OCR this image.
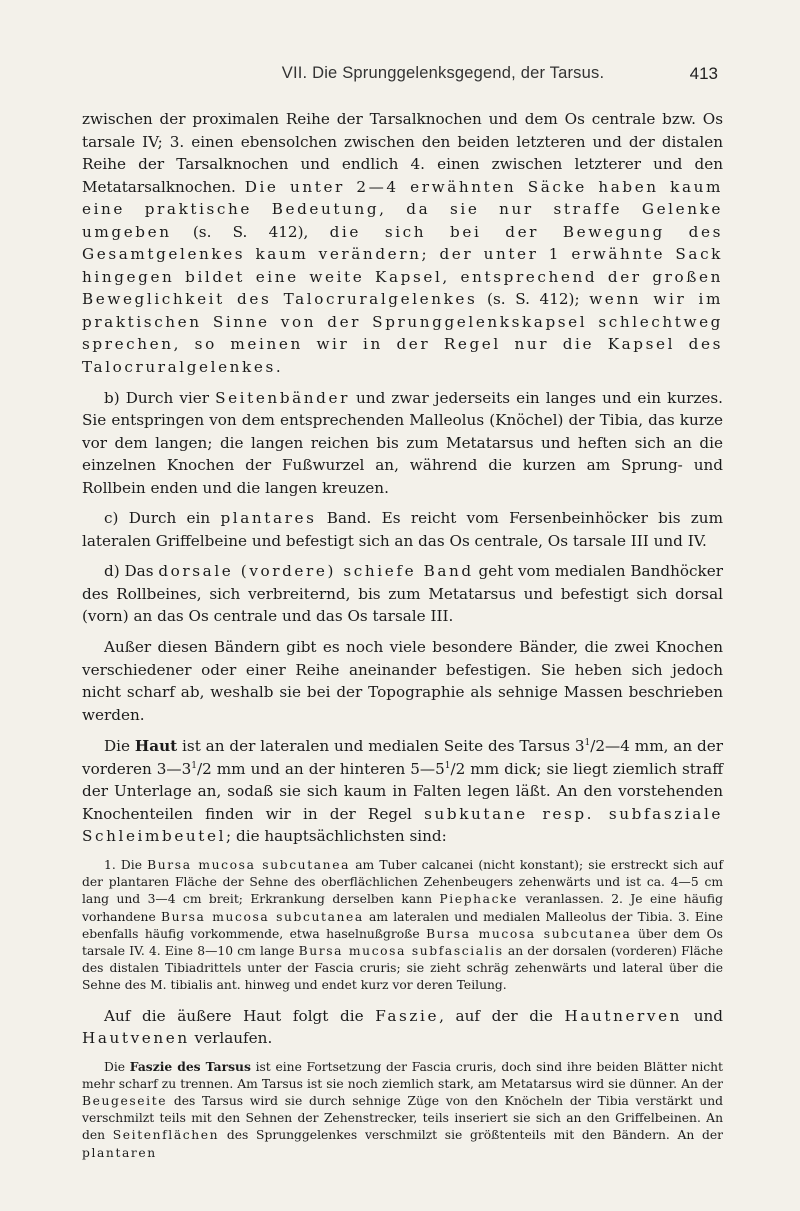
VII. Die Sprunggelenksgegend, der Tarsus.	413

zwischen der proximalen Reihe der Tarsalknochen und dem Os centrale bzw. Os tarsale IV; 3. einen ebensolchen zwischen den beiden letzteren und der distalen Reihe der Tarsalknochen und endlich 4. einen zwischen letzterer und den Metatarsalknochen. Die unter 2—4 erwähnten Säcke haben kaum eine praktische Bedeutung, da sie nur straffe Gelenke umgeben (s. S. 412), die sich bei der Bewegung des Gesamtgelenkes kaum verändern; der unter 1 erwähnte Sack hingegen bildet eine weite Kapsel, entsprechend der großen Beweglichkeit des Talocruralgelenkes (s. S. 412); wenn wir im praktischen Sinne von der Sprunggelenkskapsel schlechtweg sprechen, so meinen wir in der Regel nur die Kapsel des Talocruralgelenkes.

b) Durch vier Seitenbänder und zwar jederseits ein langes und ein kurzes. Sie entspringen von dem entsprechenden Malleolus (Knöchel) der Tibia, das kurze vor dem langen; die langen reichen bis zum Metatarsus und heften sich an die einzelnen Knochen der Fußwurzel an, während die kurzen am Sprung- und Rollbein enden und die langen kreuzen.

c) Durch ein plantares Band. Es reicht vom Fersenbeinhöcker bis zum lateralen Griffelbeine und befestigt sich an das Os centrale, Os tarsale III und IV.

d) Das dorsale (vordere) schiefe Band geht vom medialen Bandhöcker des Rollbeines, sich verbreiternd, bis zum Metatarsus und befestigt sich dorsal (vorn) an das Os centrale und das Os tarsale III.

Außer diesen Bändern gibt es noch viele besondere Bänder, die zwei Knochen verschiedener oder einer Reihe aneinander befestigen. Sie heben sich jedoch nicht scharf ab, weshalb sie bei der Topographie als sehnige Massen beschrieben werden.

Die Haut ist an der lateralen und medialen Seite des Tarsus $3^1/2—4$ mm, an der vorderen $3—3^1/2$ mm und an der hinteren $5—5^1/2$ mm dick; sie liegt ziemlich straff der Unterlage an, sodaß sie sich kaum in Falten legen läßt. An den vorstehenden Knochenteilen finden wir in der Regel subkutane resp. subfasziale Schleimbeutel; die hauptsächlichsten sind:

1. Die Bursa mucosa subcutanea am Tuber calcanei (nicht konstant); sie erstreckt sich auf der plantaren Fläche der Sehne des oberflächlichen Zehenbeugers zehenwärts und ist ca. 4—5 cm lang und 3—4 cm breit; Erkrankung derselben kann Piephacke veranlassen. 2. Je eine häufig vorhandene Bursa mucosa subcutanea am lateralen und medialen Malleolus der Tibia. 3. Eine ebenfalls häufig vorkommende, etwa haselnußgroße Bursa mucosa subcutanea über dem Os tarsale IV. 4. Eine 8—10 cm lange Bursa mucosa subfascialis an der dorsalen (vorderen) Fläche des distalen Tibiadrittels unter der Fascia cruris; sie zieht schräg zehenwärts und lateral über die Sehne des M. tibialis ant. hinweg und endet kurz vor deren Teilung.

Auf die äußere Haut folgt die Faszie, auf der die Hautnerven und Hautvenen verlaufen.

Die Faszie des Tarsus ist eine Fortsetzung der Fascia cruris, doch sind ihre beiden Blätter nicht mehr scharf zu trennen. Am Tarsus ist sie noch ziemlich stark, am Metatarsus wird sie dünner. An der Beugeseite des Tarsus wird sie durch sehnige Züge von den Knöcheln der Tibia verstärkt und verschmilzt teils mit den Sehnen der Zehenstrecker, teils inseriert sie sich an den Griffelbeinen. An den Seitenflächen des Sprunggelenkes verschmilzt sie größtenteils mit den Bändern. An der plantaren
